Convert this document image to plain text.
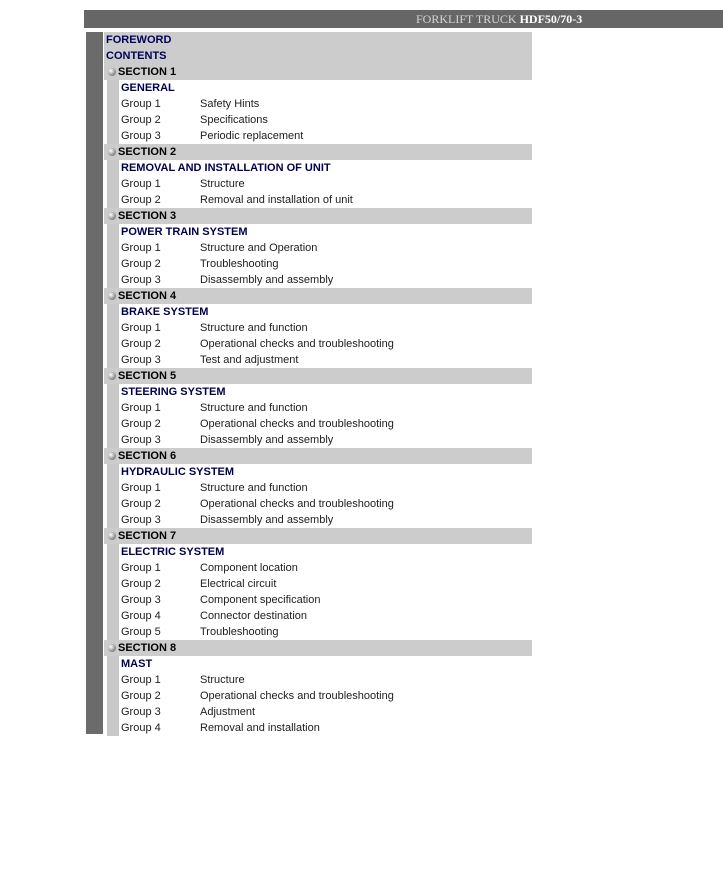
FORKLIFT TRUCK HDF50/70-3
FOREWORD
CONTENTS
SECTION 1
GENERAL
Group 1	Safety Hints
Group 2	Specifications
Group 3	Periodic replacement
SECTION 2
REMOVAL AND INSTALLATION OF UNIT
Group 1	Structure
Group 2	Removal and installation of unit
SECTION 3
POWER TRAIN SYSTEM
Group 1	Structure and Operation
Group 2	Troubleshooting
Group 3	Disassembly and assembly
SECTION 4
BRAKE SYSTEM
Group 1	Structure and function
Group 2	Operational checks and troubleshooting
Group 3	Test and adjustment
SECTION 5
STEERING SYSTEM
Group 1	Structure and function
Group 2	Operational checks and troubleshooting
Group 3	Disassembly and assembly
SECTION 6
HYDRAULIC SYSTEM
Group 1	Structure and function
Group 2	Operational checks and troubleshooting
Group 3	Disassembly and assembly
SECTION 7
ELECTRIC SYSTEM
Group 1	Component location
Group 2	Electrical circuit
Group 3	Component specification
Group 4	Connector destination
Group 5	Troubleshooting
SECTION 8
MAST
Group 1	Structure
Group 2	Operational checks and troubleshooting
Group 3	Adjustment
Group 4	Removal and installation
